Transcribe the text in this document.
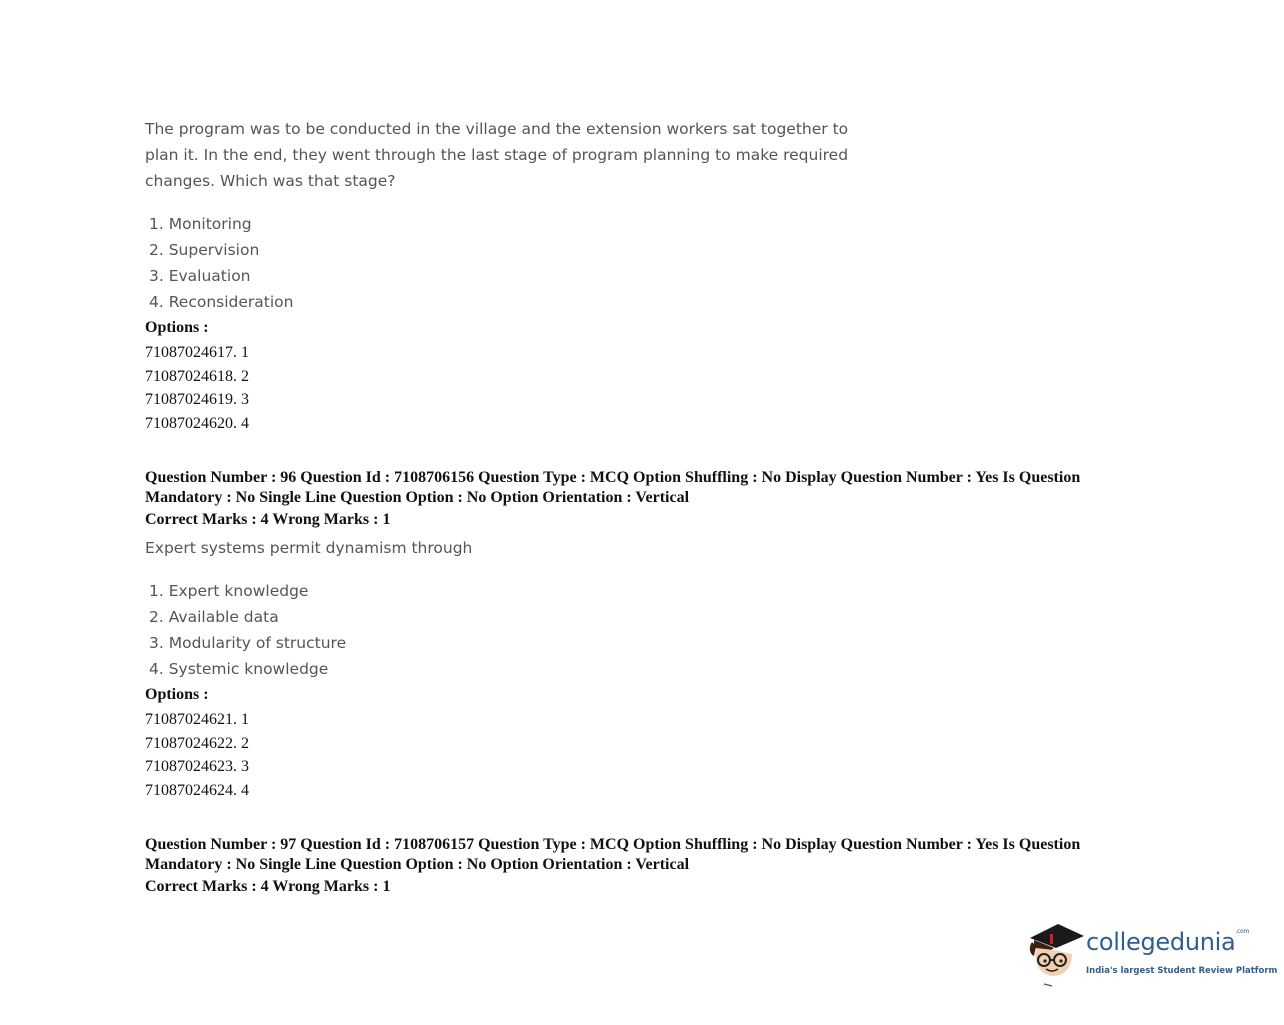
The program was to be conducted in the village and the extension workers sat together to plan it. In the end, they went through the last stage of program planning to make required changes. Which was that stage?
1. Monitoring
2. Supervision
3. Evaluation
4. Reconsideration
Options :
71087024617. 1
71087024618. 2
71087024619. 3
71087024620. 4
Question Number : 96 Question Id : 7108706156 Question Type : MCQ Option Shuffling : No Display Question Number : Yes Is Question Mandatory : No Single Line Question Option : No Option Orientation : Vertical
Correct Marks : 4 Wrong Marks : 1
Expert systems permit dynamism through
1. Expert knowledge
2. Available data
3. Modularity of structure
4. Systemic knowledge
Options :
71087024621. 1
71087024622. 2
71087024623. 3
71087024624. 4
Question Number : 97 Question Id : 7108706157 Question Type : MCQ Option Shuffling : No Display Question Number : Yes Is Question Mandatory : No Single Line Question Option : No Option Orientation : Vertical
Correct Marks : 4 Wrong Marks : 1
collegedunia$^{.com}$
India's largest Student Review Platform
